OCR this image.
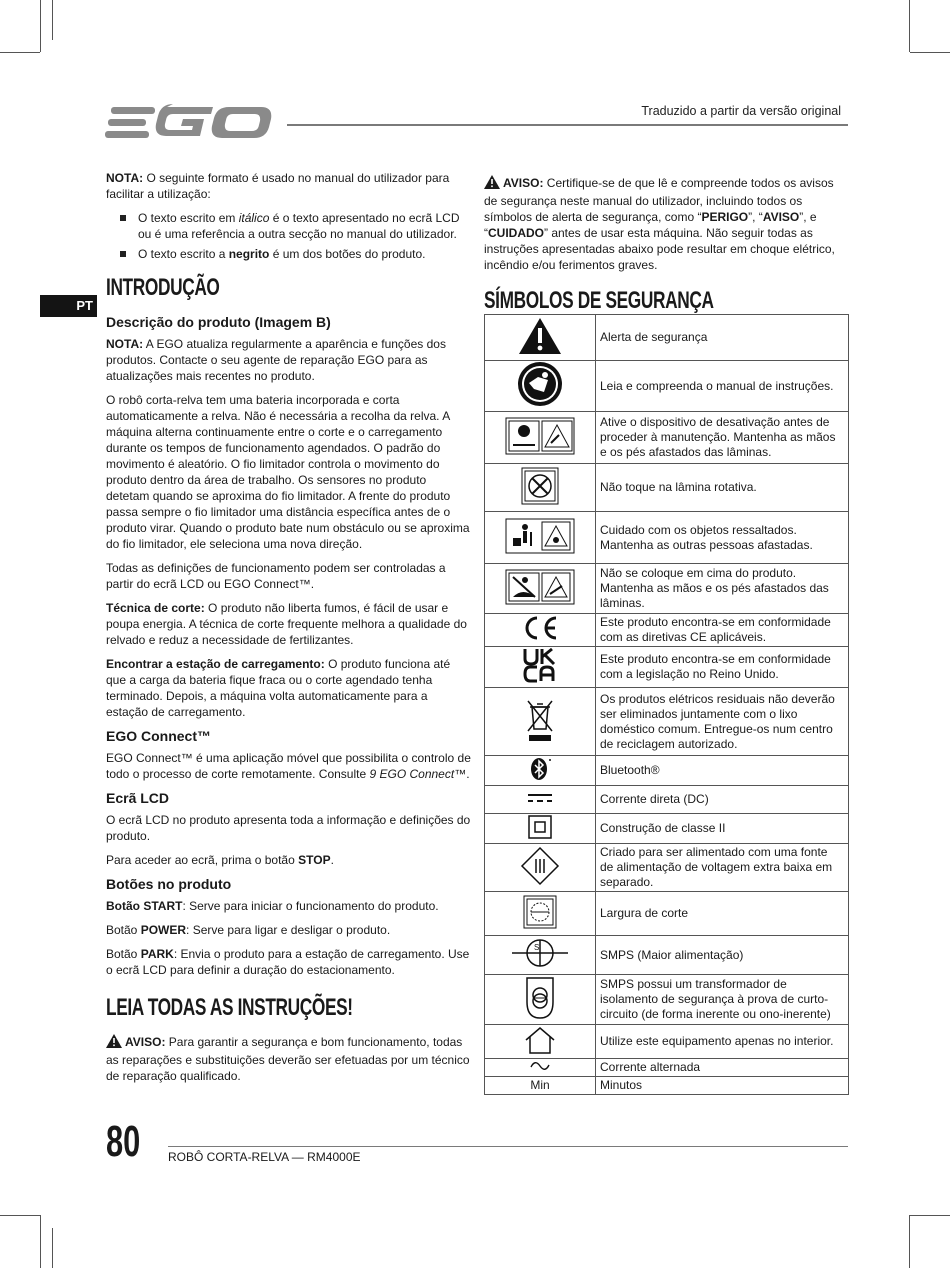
Traduzido a partir da versão original
PT

NOTA: O seguinte formato é usado no manual do utilizador para facilitar a utilização:

O texto escrito em itálico é o texto apresentado no ecrã LCD ou é uma referência a outra secção no manual do utilizador.
O texto escrito a negrito é um dos botões do produto.
INTRODUÇÃO
Descrição do produto (Imagem B)

NOTA: A EGO atualiza regularmente a aparência e funções dos produtos. Contacte o seu agente de reparação EGO para as atualizações mais recentes no produto.

O robô corta-relva tem uma bateria incorporada e corta automaticamente a relva. Não é necessária a recolha da relva. A máquina alterna continuamente entre o corte e o carregamento durante os tempos de funcionamento agendados. O padrão do movimento é aleatório. O fio limitador controla o movimento do produto dentro da área de trabalho. Os sensores no produto detetam quando se aproxima do fio limitador. A frente do produto passa sempre o fio limitador uma distância específica antes de o produto virar. Quando o produto bate num obstáculo ou se aproxima do fio limitador, ele seleciona uma nova direção.

Todas as definições de funcionamento podem ser controladas a partir do ecrã LCD ou EGO Connect™.

Técnica de corte: O produto não liberta fumos, é fácil de usar e poupa energia. A técnica de corte frequente melhora a qualidade do relvado e reduz a necessidade de fertilizantes.

Encontrar a estação de carregamento: O produto funciona até que a carga da bateria fique fraca ou o corte agendado tenha terminado. Depois, a máquina volta automaticamente para a estação de carregamento.

EGO Connect™

EGO Connect™ é uma aplicação móvel que possibilita o controlo de todo o processo de corte remotamente. Consulte 9 EGO Connect™.

Ecrã LCD

O ecrã LCD no produto apresenta toda a informação e definições do produto.

Para aceder ao ecrã, prima o botão STOP.

Botões no produto

Botão START: Serve para iniciar o funcionamento do produto.

Botão POWER: Serve para ligar e desligar o produto.

Botão PARK: Envia o produto para a estação de carregamento. Use o ecrã LCD para definir a duração do estacionamento.

LEIA TODAS AS INSTRUÇÕES!

AVISO: Para garantir a segurança e bom funcionamento, todas as reparações e substituições deverão ser efetuadas por um técnico de reparação qualificado.

AVISO: Certifique-se de que lê e compreende todos os avisos de segurança neste manual do utilizador, incluindo todos os símbolos de alerta de segurança, como “PERIGO”, “AVISO”, e “CUIDADO” antes de usar esta máquina. Não seguir todas as instruções apresentadas abaixo pode resultar em choque elétrico, incêndio e/ou ferimentos graves.

SÍMBOLOS DE SEGURANÇA
	Alerta de segurança
	Leia e compreenda o manual de instruções.
	Ative o dispositivo de desativação antes de proceder à manutenção. Mantenha as mãos e os pés afastados das lâminas.
	Não toque na lâmina rotativa.
	Cuidado com os objetos ressaltados. Mantenha as outras pessoas afastadas.
	Não se coloque em cima do produto. Mantenha as mãos e os pés afastados das lâminas.
	Este produto encontra-se em conformidade com as diretivas CE aplicáveis.
	Este produto encontra-se em conformidade com a legislação no Reino Unido.
	Os produtos elétricos residuais não deverão ser eliminados juntamente com o lixo doméstico comum. Entregue-os num centro de reciclagem autorizado.
	Bluetooth®
	Corrente direta (DC)
	Construção de classe II
	Criado para ser alimentado com uma fonte de alimentação de voltagem extra baixa em separado.
	Largura de corte

S	SMPS (Maior alimentação)
	SMPS possui um transformador de isolamento de segurança à prova de curto-circuito (de forma inerente ou ono-inerente)
	Utilize este equipamento apenas no interior.
	Corrente alternada
Min	Minutos
80 ROBÔ CORTA-RELVA — RM4000E
